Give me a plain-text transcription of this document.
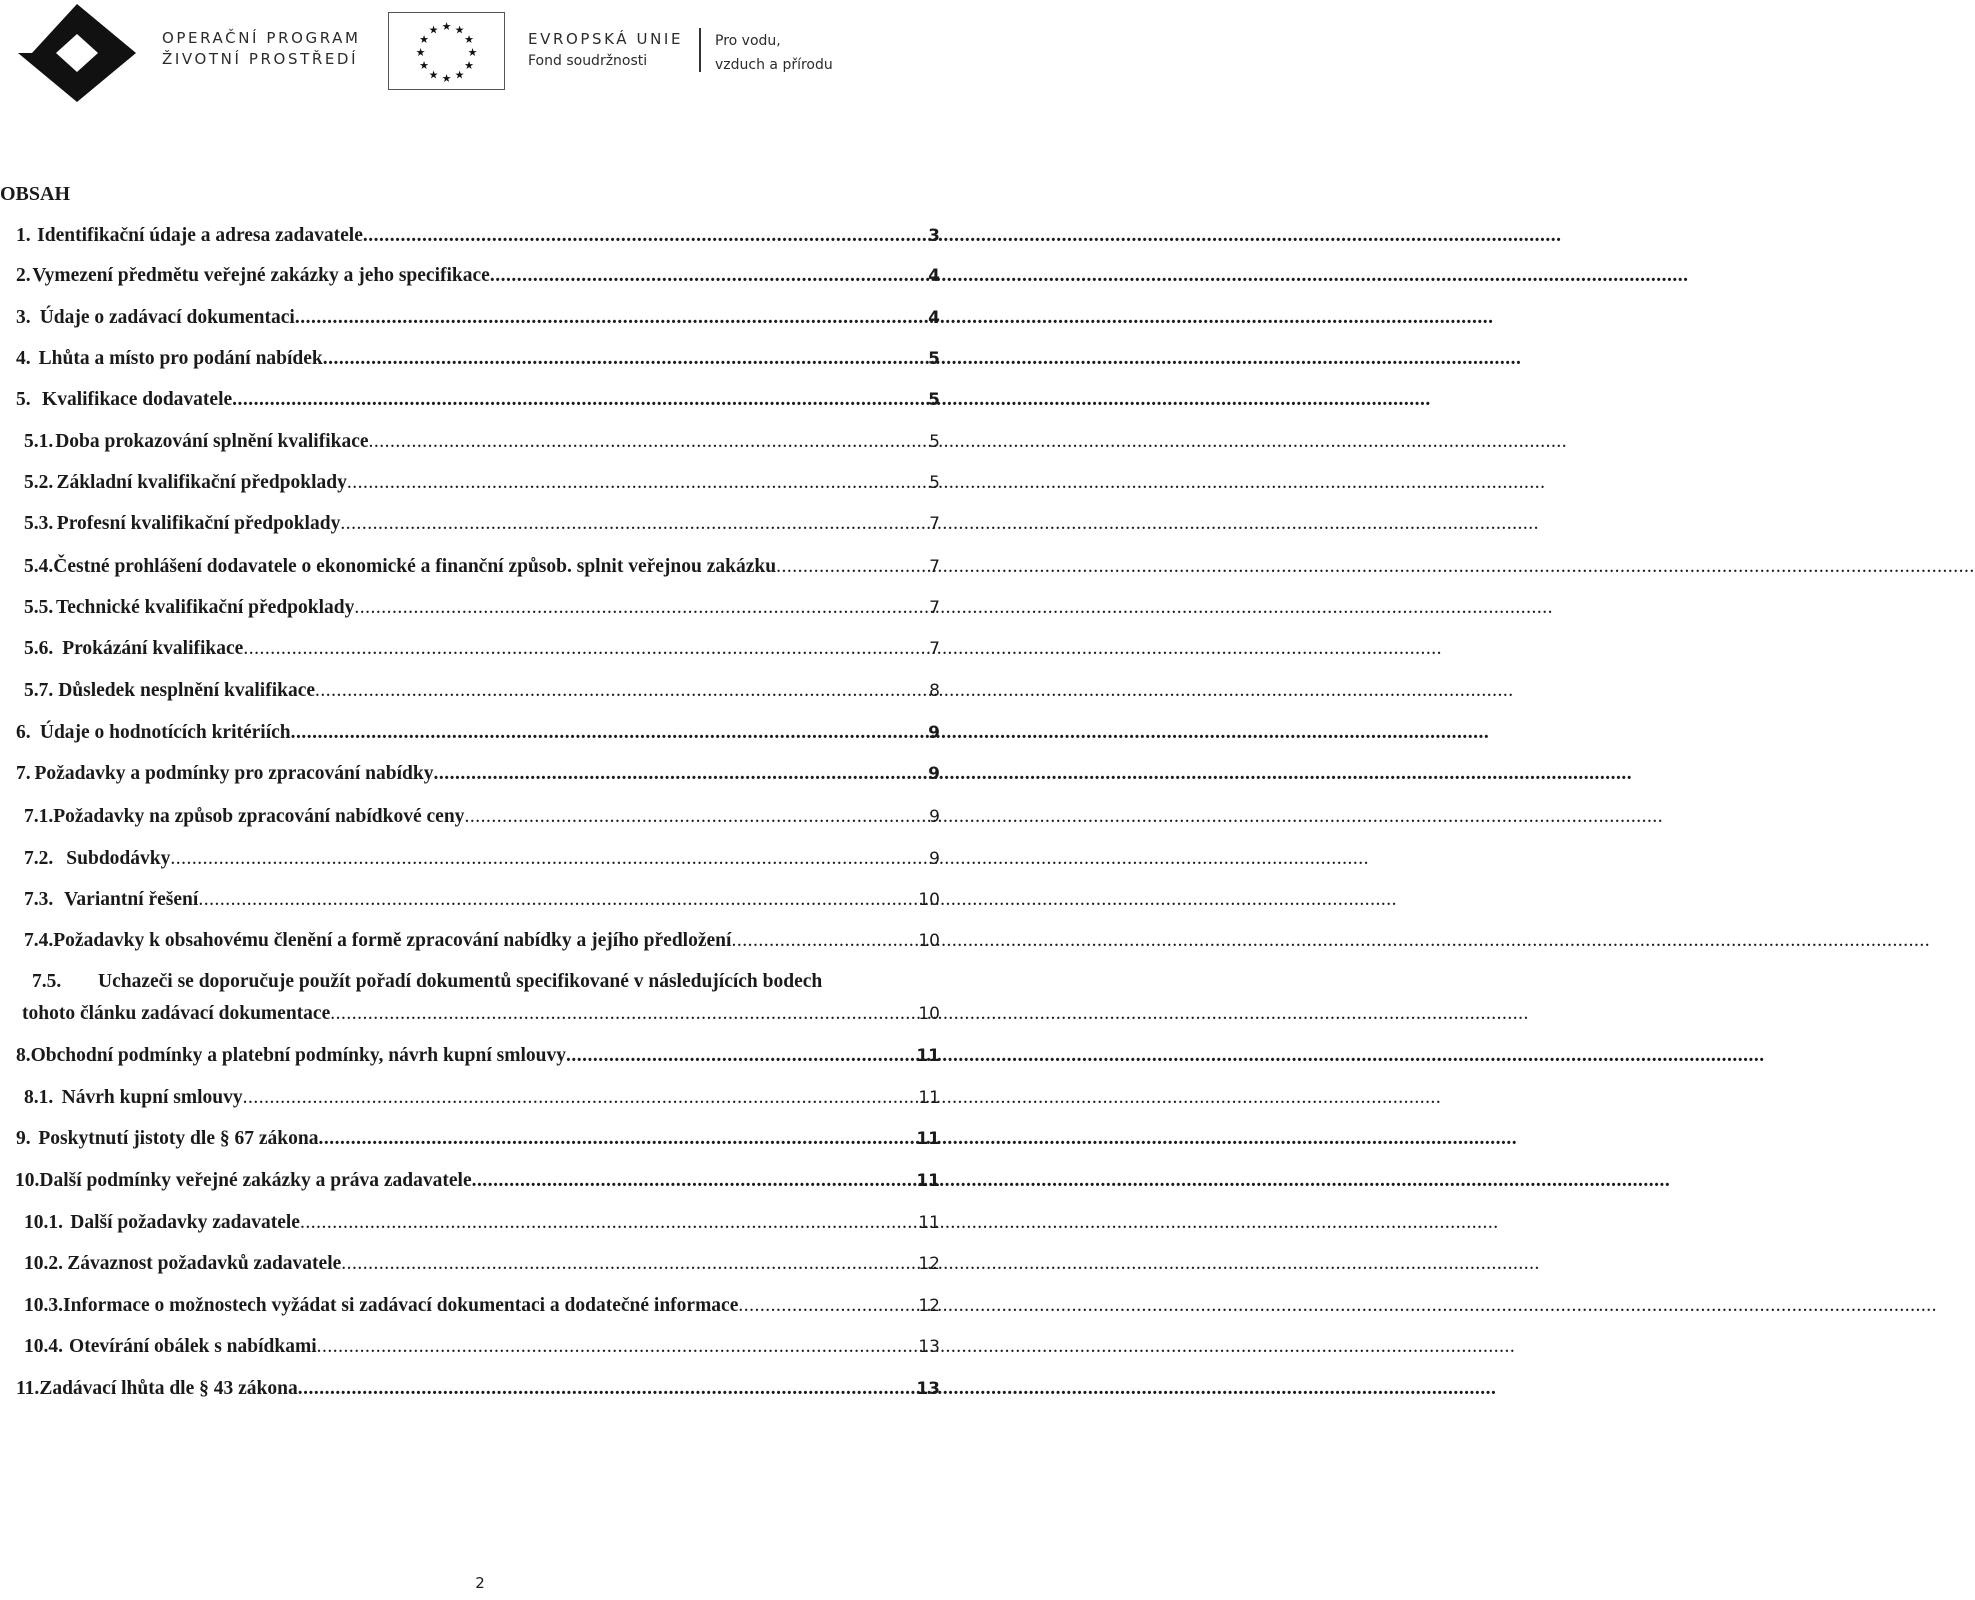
OPERAČNÍ PROGRAM
ŽIVOTNÍ PROSTŘEDÍ
★ ★
★
★
★
★
★
★
★
★
★
★	EVROPSKÁ UNIE
Fond soudržnosti
Pro vodu,
vzduch a přírodu
OBSAH
1. Identifikační údaje a adresa zadavatele .....	3
2. Vymezení předmětu veřejné zakázky a jeho specifikace .....	4
3. Údaje o zadávací dokumentaci .....	4
4. Lhůta a místo pro podání nabídek .....	5
5. Kvalifikace dodavatele .....	5
5.1. Doba prokazování splnění kvalifikace .....	5
5.2. Základní kvalifikační předpoklady .....	5
5.3. Profesní kvalifikační předpoklady .....	7
5.4. Čestné prohlášení dodavatele o ekonomické a finanční způsob. splnit veřejnou zakázku .....	7
5.5. Technické kvalifikační předpoklady .....	7
5.6. Prokázání kvalifikace .....	7
5.7. Důsledek nesplnění kvalifikace .....	8
6. Údaje o hodnotících kritériích .....	9
7. Požadavky a podmínky pro zpracování nabídky .....	9
7.1. Požadavky na způsob zpracování nabídkové ceny .....	9
7.2. Subdodávky .....	9
7.3. Variantní řešení .....	10
7.4. Požadavky k obsahovému členění a formě zpracování nabídky a jejího předložení .....	10
7.5. Uchazeči se doporučuje použít pořadí dokumentů specifikované v následujících bodech
tohoto článku zadávací dokumentace .....	10
8. Obchodní podmínky a platební podmínky, návrh kupní smlouvy .....	11
8.1. Návrh kupní smlouvy .....	11
9. Poskytnutí jistoty dle § 67 zákona .....	11
10. Další podmínky veřejné zakázky a práva zadavatele .....	11
10.1. Další požadavky zadavatele .....	11
10.2. Závaznost požadavků zadavatele .....	12
10.3. Informace o možnostech vyžádat si zadávací dokumentaci a dodatečné informace .....	12
10.4. Otevírání obálek s nabídkami .....	13
11. Zadávací lhůta dle § 43 zákona .....	13
2
